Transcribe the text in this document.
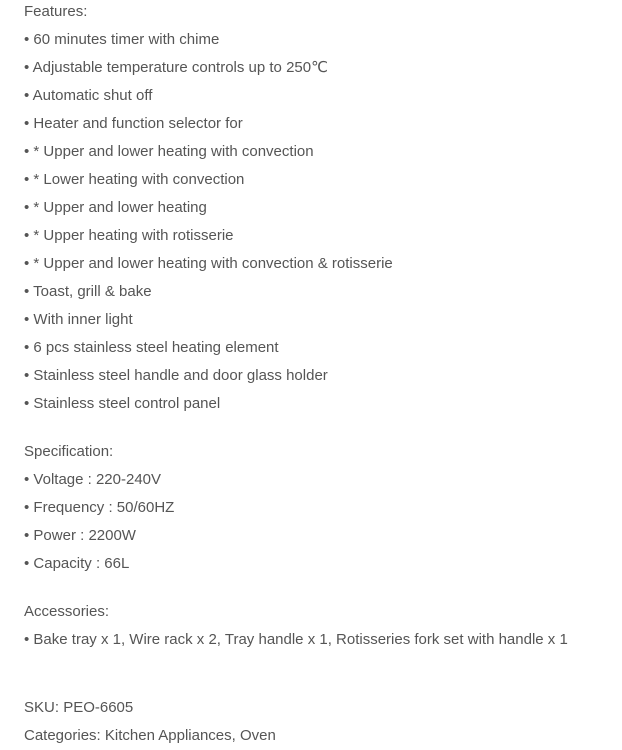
Features:
• 60 minutes timer with chime
• Adjustable temperature controls up to 250℃
• Automatic shut off
• Heater and function selector for
• * Upper and lower heating with convection
• * Lower heating with convection
• * Upper and lower heating
• * Upper heating with rotisserie
• * Upper and lower heating with convection & rotisserie
• Toast, grill & bake
• With inner light
• 6 pcs stainless steel heating element
• Stainless steel handle and door glass holder
• Stainless steel control panel
Specification:
• Voltage : 220-240V
• Frequency : 50/60HZ
• Power : 2200W
• Capacity : 66L
Accessories:
• Bake tray x 1, Wire rack x 2, Tray handle x 1, Rotisseries fork set with handle x 1
SKU: PEO-6605
Categories: Kitchen Appliances, Oven
